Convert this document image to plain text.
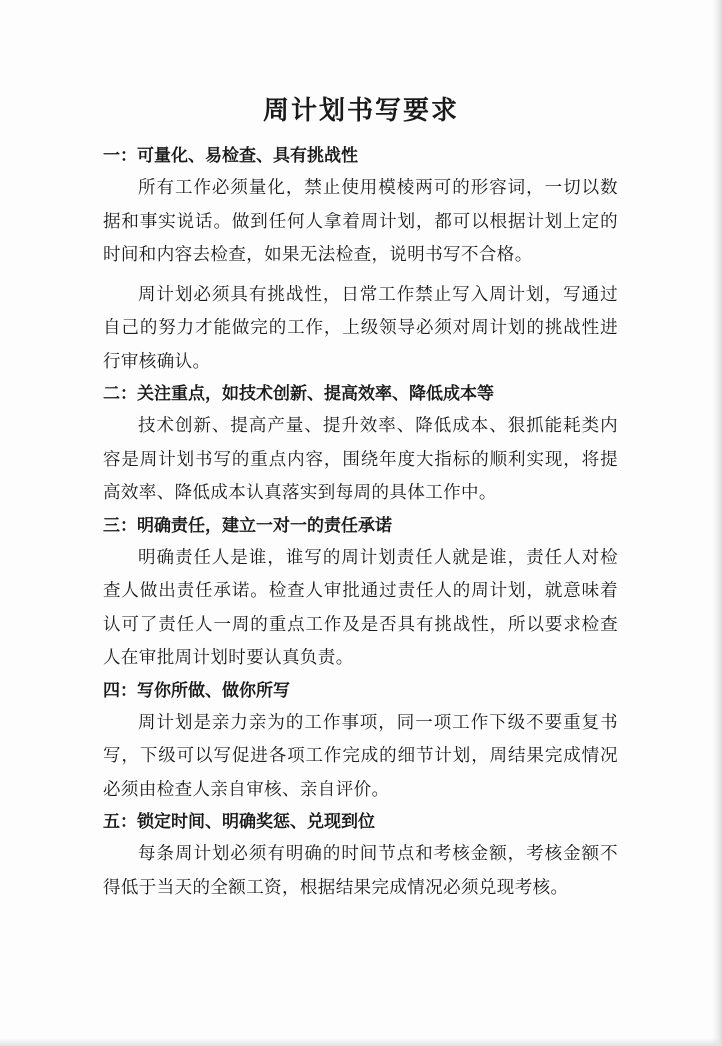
周计划书写要求
一：可量化、易检查、具有挑战性

所有工作必须量化，禁止使用模棱两可的形容词，一切以数据和事实说话。做到任何人拿着周计划，都可以根据计划上定的时间和内容去检查，如果无法检查，说明书写不合格。

周计划必须具有挑战性，日常工作禁止写入周计划，写通过自己的努力才能做完的工作，上级领导必须对周计划的挑战性进行审核确认。

二：关注重点，如技术创新、提高效率、降低成本等

技术创新、提高产量、提升效率、降低成本、狠抓能耗类内容是周计划书写的重点内容，围绕年度大指标的顺利实现，将提高效率、降低成本认真落实到每周的具体工作中。

三：明确责任，建立一对一的责任承诺

明确责任人是谁，谁写的周计划责任人就是谁，责任人对检查人做出责任承诺。检查人审批通过责任人的周计划，就意味着认可了责任人一周的重点工作及是否具有挑战性，所以要求检查人在审批周计划时要认真负责。

四：写你所做、做你所写

周计划是亲力亲为的工作事项，同一项工作下级不要重复书写，下级可以写促进各项工作完成的细节计划，周结果完成情况必须由检查人亲自审核、亲自评价。

五：锁定时间、明确奖惩、兑现到位

每条周计划必须有明确的时间节点和考核金额，考核金额不得低于当天的全额工资，根据结果完成情况必须兑现考核。
